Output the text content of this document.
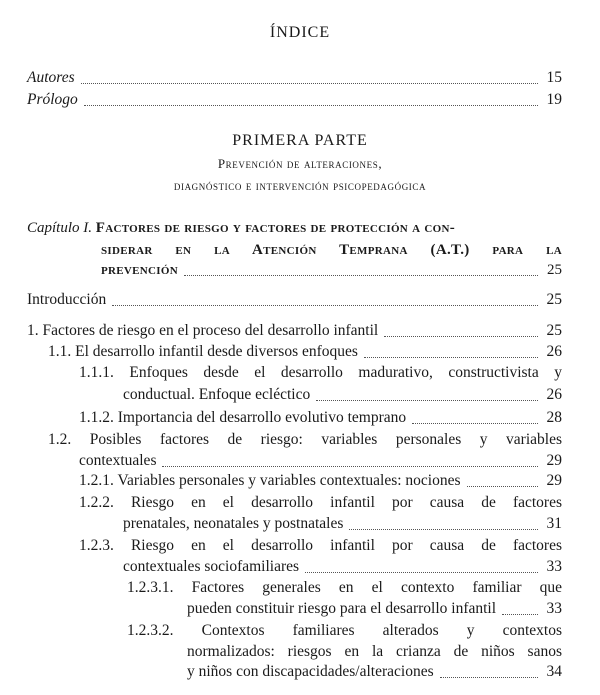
ÍNDICE
Autores	15
Prólogo	19
PRIMERA PARTE
Prevención de alteraciones,
diagnóstico e intervención psicopedagógica
Capítulo I. Factores de riesgo y factores de protección a con-
siderar en la Atención Temprana (A.T.) para la
prevención	25
Introducción	25
1. Factores de riesgo en el proceso del desarrollo infantil	25
1.1. El desarrollo infantil desde diversos enfoques	26
1.1.1. Enfoques desde el desarrollo madurativo, constructivista y
conductual. Enfoque ecléctico	26
1.1.2. Importancia del desarrollo evolutivo temprano	28
1.2. Posibles factores de riesgo: variables personales y variables
contextuales	29
1.2.1. Variables personales y variables contextuales: nociones	29
1.2.2. Riesgo en el desarrollo infantil por causa de factores
prenatales, neonatales y postnatales	31
1.2.3. Riesgo en el desarrollo infantil por causa de factores
contextuales sociofamiliares	33
1.2.3.1. Factores generales en el contexto familiar que
pueden constituir riesgo para el desarrollo infantil	33
1.2.3.2. Contextos familiares alterados y contextos
normalizados: riesgos en la crianza de niños sanos
y niños con discapacidades/alteraciones	34
